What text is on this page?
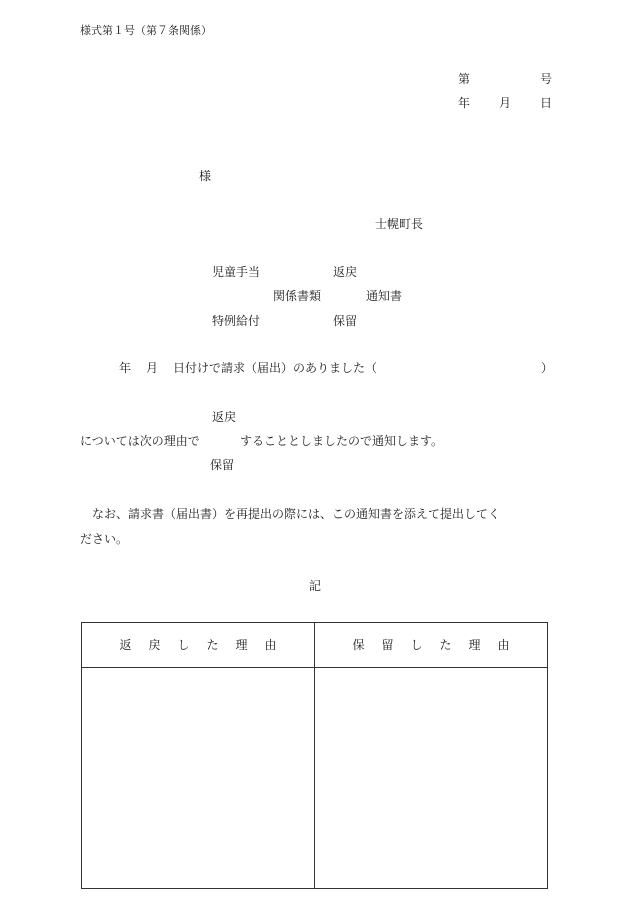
様式第１号（第７条関係）
第	号
年 月 日
様
士幌町長
児童手当	返戻
関係書類	通知書
特例給付	保留
年 月 日付けで請求（届出）のありました（	）
返戻
については次の理由で	することとしましたので通知します。
保留
なお、請求書（届出書）を再提出の際には、この通知書を添えて提出してく
ださい。
記
返戻した理由	保留した理由
